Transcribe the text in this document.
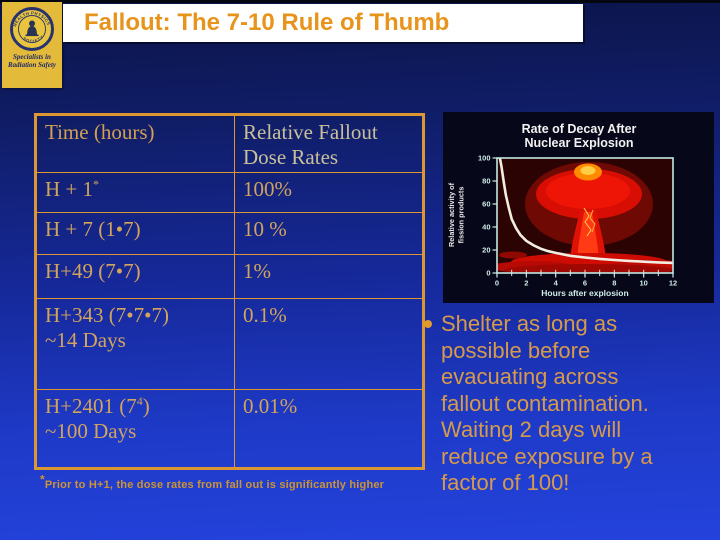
HEALTH PHYSICS
SOCIETY
Specialists in
Radiation Safety
Fallout: The 7-10 Rule of Thumb
Time (hours)	Relative Fallout
Dose Rates

H + 1*	100%
H + 7 (1•7)	10 %
H+49 (7•7)	1%
H+343 (7•7•7)
~14 Days	0.1%
H+2401 $(7^4)$
~100 Days	0.01%
*Prior to H+1, the dose rates from fall out is significantly higher
Rate of Decay After
Nuclear Explosion
Relative activity of fission products
0	2	4	6	8	10	12
0
20
40
60
80
100
Hours after explosion
Shelter as long as
possible before
evacuating across
fallout contamination.
Waiting 2 days will
reduce exposure by a
factor of 100!
